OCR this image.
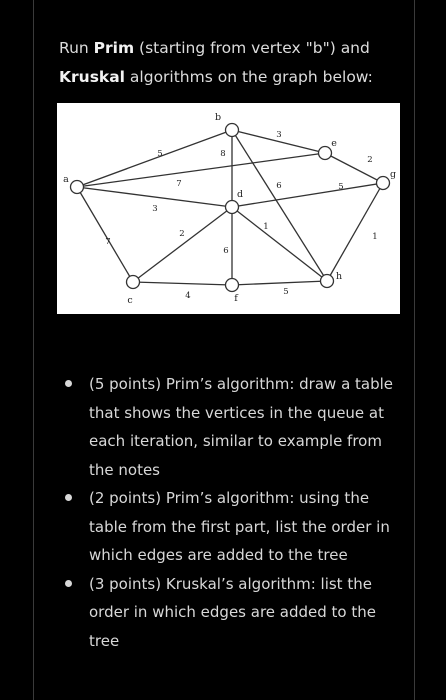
Run Prim (starting from vertex "b") and Kruskal algorithms on the graph below:
5
7
3
7
3
8
6
2
5
2
6
1
4	5
1
a
b
c
d
e
f
g
h
(5 points) Prim’s algorithm: draw a table that shows the vertices in the queue at each iteration, similar to example from the notes
(2 points) Prim’s algorithm: using the table from the first part, list the order in which edges are added to the tree
(3 points) Kruskal’s algorithm: list the order in which edges are added to the tree
